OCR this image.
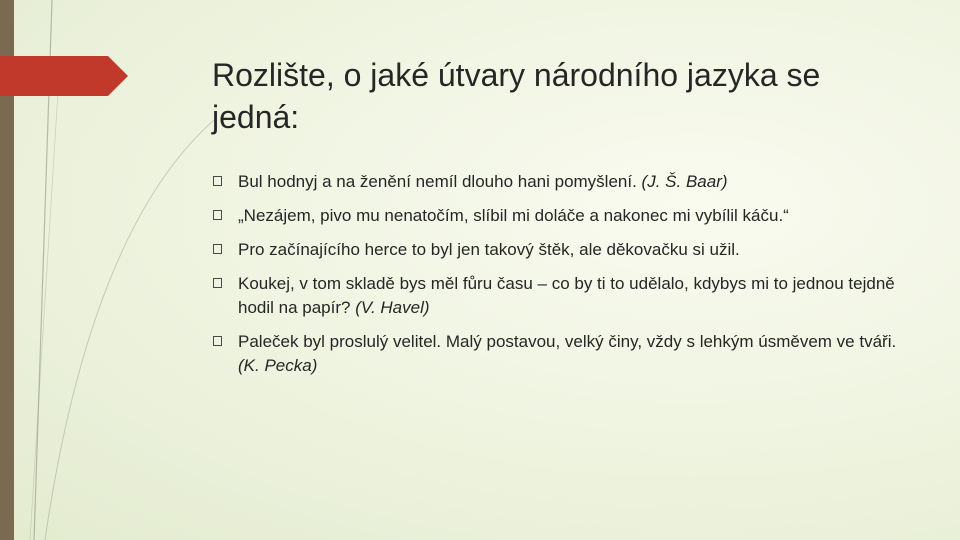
Rozlište, o jaké útvary národního jazyka se jedná:
Bul hodnyj a na ženění nemíl dlouho hani pomyšlení. (J. Š. Baar)
„Nezájem, pivo mu nenatočím, slíbil mi doláče a nakonec mi vybílil káču.“
Pro začínajícího herce to byl jen takový štěk, ale děkovačku si užil.
Koukej, v tom skladě bys měl fůru času – co by ti to udělalo, kdybys mi to jednou tejdně hodil na papír? (V. Havel)
Paleček byl proslulý velitel. Malý postavou, velký činy, vždy s lehkým úsměvem ve tváři. (K. Pecka)
